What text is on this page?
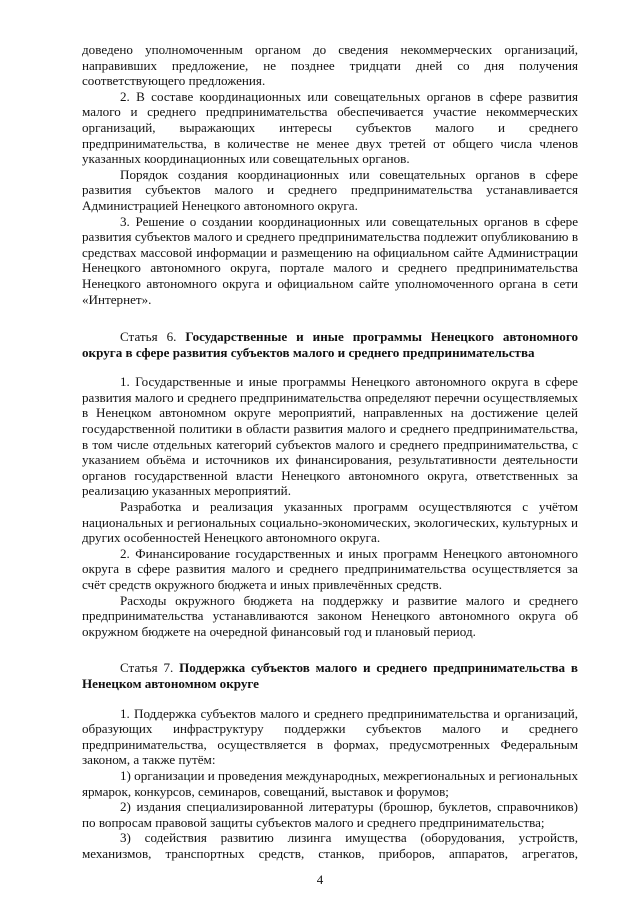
доведено уполномоченным органом до сведения некоммерческих организаций, направивших предложение, не позднее тридцати дней со дня получения соответствующего предложения.

2. В составе координационных или совещательных органов в сфере развития малого и среднего предпринимательства обеспечивается участие некоммерческих организаций, выражающих интересы субъектов малого и среднего предпринимательства, в количестве не менее двух третей от общего числа членов указанных координационных или совещательных органов.

Порядок создания координационных или совещательных органов в сфере развития субъектов малого и среднего предпринимательства устанавливается Администрацией Ненецкого автономного округа.

3. Решение о создании координационных или совещательных органов в сфере развития субъектов малого и среднего предпринимательства подлежит опубликованию в средствах массовой информации и размещению на официальном сайте Администрации Ненецкого автономного округа, портале малого и среднего предпринимательства Ненецкого автономного округа и официальном сайте уполномоченного органа в сети «Интернет».

Статья 6. Государственные и иные программы Ненецкого автономного округа в сфере развития субъектов малого и среднего предпринимательства

1. Государственные и иные программы Ненецкого автономного округа в сфере развития малого и среднего предпринимательства определяют перечни осуществляемых в Ненецком автономном округе мероприятий, направленных на достижение целей государственной политики в области развития малого и среднего предпринимательства, в том числе отдельных категорий субъектов малого и среднего предпринимательства, с указанием объёма и источников их финансирования, результативности деятельности органов государственной власти Ненецкого автономного округа, ответственных за реализацию указанных мероприятий.

Разработка и реализация указанных программ осуществляются с учётом национальных и региональных социально-экономических, экологических, культурных и других особенностей Ненецкого автономного округа.

2. Финансирование государственных и иных программ Ненецкого автономного округа в сфере развития малого и среднего предпринимательства осуществляется за счёт средств окружного бюджета и иных привлечённых средств.

Расходы окружного бюджета на поддержку и развитие малого и среднего предпринимательства устанавливаются законом Ненецкого автономного округа об окружном бюджете на очередной финансовый год и плановый период.

Статья 7. Поддержка субъектов малого и среднего предпринимательства в Ненецком автономном округе

1. Поддержка субъектов малого и среднего предпринимательства и организаций, образующих инфраструктуру поддержки субъектов малого и среднего предпринимательства, осуществляется в формах, предусмотренных Федеральным законом, а также путём:

1) организации и проведения международных, межрегиональных и региональных ярмарок, конкурсов, семинаров, совещаний, выставок и форумов;

2) издания специализированной литературы (брошюр, буклетов, справочников) по вопросам правовой защиты субъектов малого и среднего предпринимательства;

3) содействия развитию лизинга имущества (оборудования, устройств, механизмов, транспортных средств, станков, приборов, аппаратов, агрегатов,

4
